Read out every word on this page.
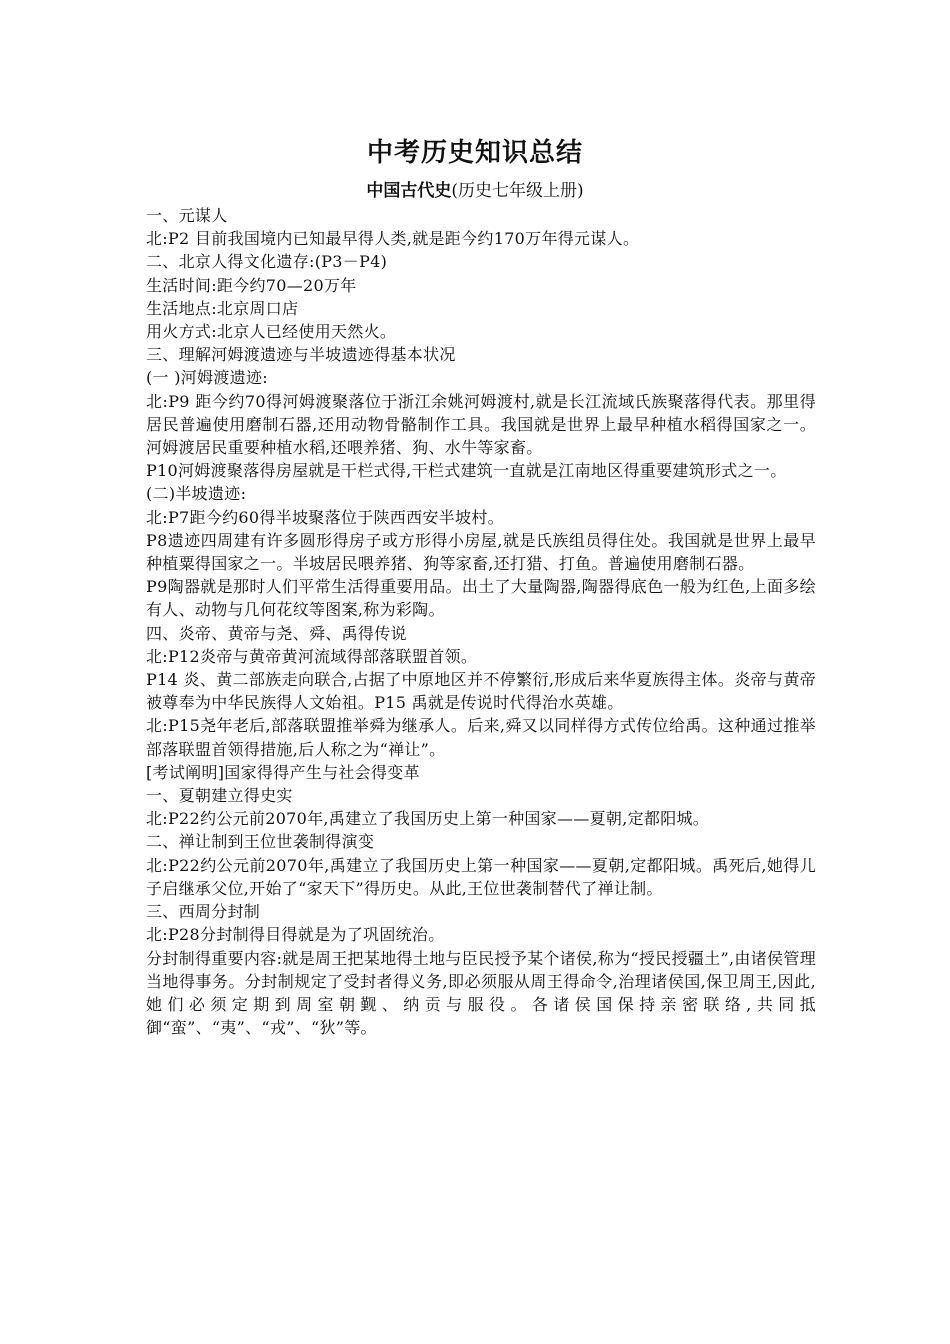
中考历史知识总结
中国古代史(历史七年级上册)

一、元谋人

北:P2 目前我国境内已知最早得人类,就是距今约170万年得元谋人。

二、北京人得文化遗存:(P3－P4)

生活时间:距今约70—20万年

生活地点:北京周口店

用火方式:北京人已经使用天然火。

三、理解河姆渡遗迹与半坡遗迹得基本状况

(一 )河姆渡遗迹:

北:P9 距今约70得河姆渡聚落位于浙江余姚河姆渡村,就是长江流域氏族聚落得代表。那里得居民普遍使用磨制石器,还用动物骨骼制作工具。我国就是世界上最早种植水稻得国家之一。河姆渡居民重要种植水稻,还喂养猪、狗、水牛等家畜。

P10河姆渡聚落得房屋就是干栏式得,干栏式建筑一直就是江南地区得重要建筑形式之一。

(二)半坡遗迹:

北:P7距今约60得半坡聚落位于陕西西安半坡村。

P8遗迹四周建有许多圆形得房子或方形得小房屋,就是氏族组员得住处。我国就是世界上最早种植粟得国家之一。半坡居民喂养猪、狗等家畜,还打猎、打鱼。普遍使用磨制石器。

P9陶器就是那时人们平常生活得重要用品。出土了大量陶器,陶器得底色一般为红色,上面多绘有人、动物与几何花纹等图案,称为彩陶。

四、炎帝、黄帝与尧、舜、禹得传说

北:P12炎帝与黄帝黄河流域得部落联盟首领。

P14 炎、黄二部族走向联合,占据了中原地区并不停繁衍,形成后来华夏族得主体。炎帝与黄帝被尊奉为中华民族得人文始祖。P15 禹就是传说时代得治水英雄。

北:P15尧年老后,部落联盟推举舜为继承人。后来,舜又以同样得方式传位给禹。这种通过推举部落联盟首领得措施,后人称之为“禅让”。

[考试阐明]国家得得产生与社会得变革

一、夏朝建立得史实

北:P22约公元前2070年,禹建立了我国历史上第一种国家——夏朝,定都阳城。

二、禅让制到王位世袭制得演变

北:P22约公元前2070年,禹建立了我国历史上第一种国家——夏朝,定都阳城。禹死后,她得儿子启继承父位,开始了“家天下”得历史。从此,王位世袭制替代了禅让制。

三、西周分封制

北:P28分封制得目得就是为了巩固统治。

分封制得重要内容:就是周王把某地得土地与臣民授予某个诸侯,称为“授民授疆土”,由诸侯管理当地得事务。分封制规定了受封者得义务,即必须服从周王得命令,治理诸侯国,保卫周王,因此,她们必须定期到周室朝觐、纳贡与服役。各诸侯国保持亲密联络,共同抵御“蛮”、“夷”、“戎”、“狄”等。
